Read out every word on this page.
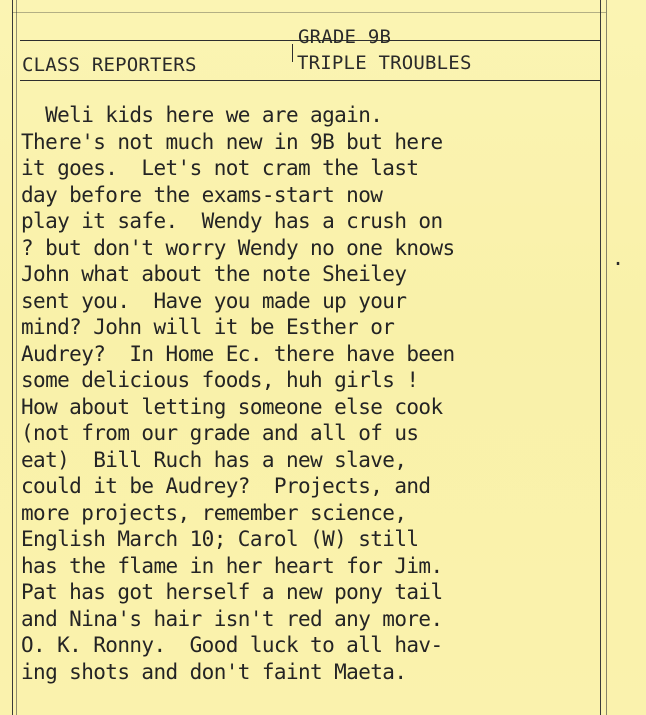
GRADE 9B
CLASS REPORTERS	TRIPLE TROUBLES
Weli kids here we are again.
There's not much new in 9B but here
it goes.  Let's not cram the last
day before the exams-start now
play it safe.  Wendy has a crush on
? but don't worry Wendy no one knows
John what about the note Sheiley
sent you.  Have you made up your
mind? John will it be Esther or
Audrey?  In Home Ec. there have been
some delicious foods, huh girls !
How about letting someone else cook
(not from our grade and all of us
eat)  Bill Ruch has a new slave,
could it be Audrey?  Projects, and
more projects, remember science,
English March 10; Carol (W) still
has the flame in her heart for Jim.
Pat has got herself a new pony tail
and Nina's hair isn't red any more.
O. K. Ronny.  Good luck to all hav-
ing shots and don't faint Maeta.
.
